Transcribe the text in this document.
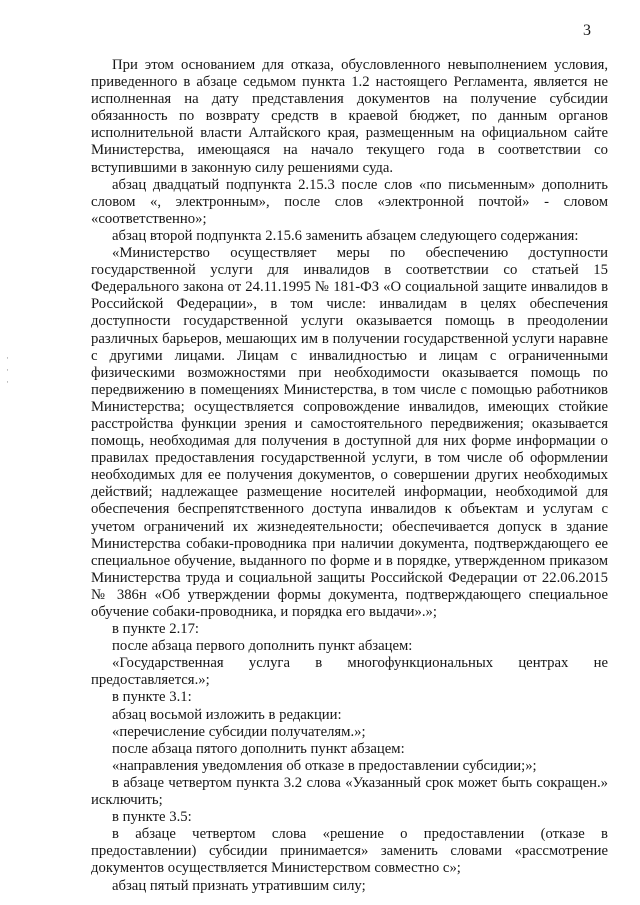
3
·
·
·

При этом основанием для отказа, обусловленного невыполнением условия, приведенного в абзаце седьмом пункта 1.2 настоящего Регламента, является не исполненная на дату представления документов на получение субсидии обязанность по возврату средств в краевой бюджет, по данным органов исполнительной власти Алтайского края, размещенным на официальном сайте Министерства, имеющаяся на начало текущего года в соответствии со вступившими в законную силу решениями суда.

абзац двадцатый подпункта 2.15.3 после слов «по письменным» дополнить словом «, электронным», после слов «электронной почтой» - словом «соответственно»;

абзац второй подпункта 2.15.6 заменить абзацем следующего содержания:

«Министерство осуществляет меры по обеспечению доступности государственной услуги для инвалидов в соответствии со статьей 15 Федерального закона от 24.11.1995 № 181-ФЗ «О социальной защите инвалидов в Российской Федерации», в том числе: инвалидам в целях обеспечения доступности государственной услуги оказывается помощь в преодолении различных барьеров, мешающих им в получении государственной услуги наравне с другими лицами. Лицам с инвалидностью и лицам с ограниченными физическими возможностями при необходимости оказывается помощь по передвижению в помещениях Министерства, в том числе с помощью работников Министерства; осуществляется сопровождение инвалидов, имеющих стойкие расстройства функции зрения и самостоятельного передвижения; оказывается помощь, необходимая для получения в доступной для них форме информации о правилах предоставления государственной услуги, в том числе об оформлении необходимых для ее получения документов, о совершении других необходимых действий; надлежащее размещение носителей информации, необходимой для обеспечения беспрепятственного доступа инвалидов к объектам и услугам с учетом ограничений их жизнедеятельности; обеспечивается допуск в здание Министерства собаки-проводника при наличии документа, подтверждающего ее специальное обучение, выданного по форме и в порядке, утвержденном приказом Министерства труда и социальной защиты Российской Федерации от 22.06.2015 № 386н «Об утверждении формы документа, подтверждающего специальное обучение собаки-проводника, и порядка его выдачи».»;

в пункте 2.17:

после абзаца первого дополнить пункт абзацем:

«Государственная услуга в многофункциональных центрах не предоставляется.»;

в пункте 3.1:

абзац восьмой изложить в редакции:

«перечисление субсидии получателям.»;

после абзаца пятого дополнить пункт абзацем:

«направления уведомления об отказе в предоставлении субсидии;»;

в абзаце четвертом пункта 3.2 слова «Указанный срок может быть сокращен.» исключить;

в пункте 3.5:

в абзаце четвертом слова «решение о предоставлении (отказе в предоставлении) субсидии принимается» заменить словами «рассмотрение документов осуществляется Министерством совместно с»;

абзац пятый признать утратившим силу;
